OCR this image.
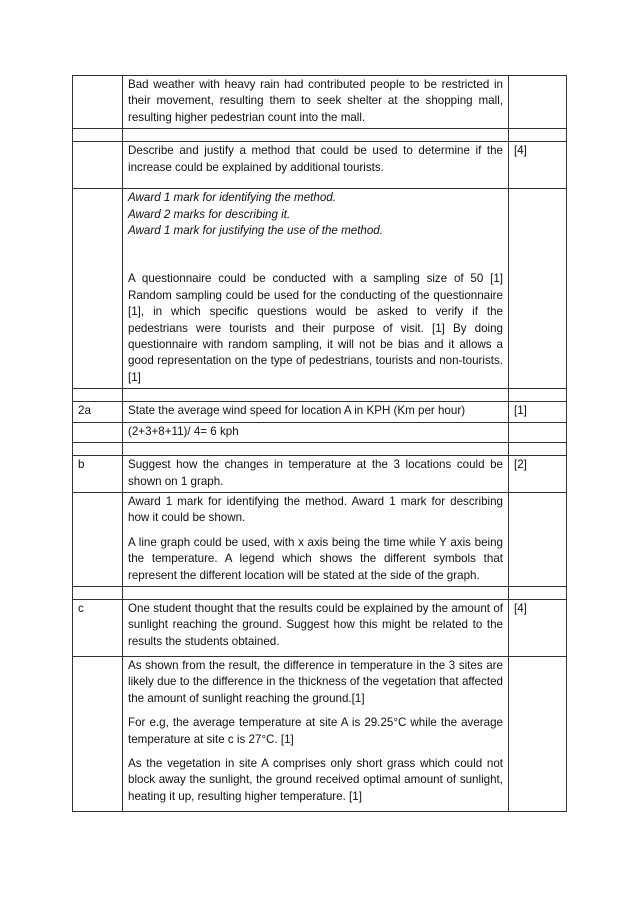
	Bad weather with heavy rain had contributed people to be restricted in their movement, resulting them to seek shelter at the shopping mall, resulting higher pedestrian count into the mall.	

	Describe and justify a method that could be used to determine if the increase could be explained by additional tourists.	[4]

	Award 1 mark for identifying the method.

Award 2 marks for describing it.

Award 1 mark for justifying the use of the method.

A questionnaire could be conducted with a sampling size of 50 [1] Random sampling could be used for the conducting of the questionnaire [1], in which specific questions would be asked to verify if the pedestrians were tourists and their purpose of visit. [1] By doing questionnaire with random sampling, it will not be bias and it allows a good representation on the type of pedestrians, tourists and non-tourists. [1]	

2a	State the average wind speed for location A in KPH (Km per hour)	[1]
	(2+3+8+11)/ 4= 6 kph	

b	Suggest how the changes in temperature at the 3 locations could be shown on 1 graph.	[2]

	Award 1 mark for identifying the method. Award 1 mark for describing how it could be shown.

A line graph could be used, with x axis being the time while Y axis being the temperature. A legend which shows the different symbols that represent the different location will be stated at the side of the graph.	

c	One student thought that the results could be explained by the amount of sunlight reaching the ground. Suggest how this might be related to the results the students obtained.	[4]

	As shown from the result, the difference in temperature in the 3 sites are likely due to the difference in the thickness of the vegetation that affected the amount of sunlight reaching the ground.[1]

For e.g, the average temperature at site A is 29.25°C while the average temperature at site c is 27°C. [1]

As the vegetation in site A comprises only short grass which could not block away the sunlight, the ground received optimal amount of sunlight, heating it up, resulting higher temperature. [1]	
